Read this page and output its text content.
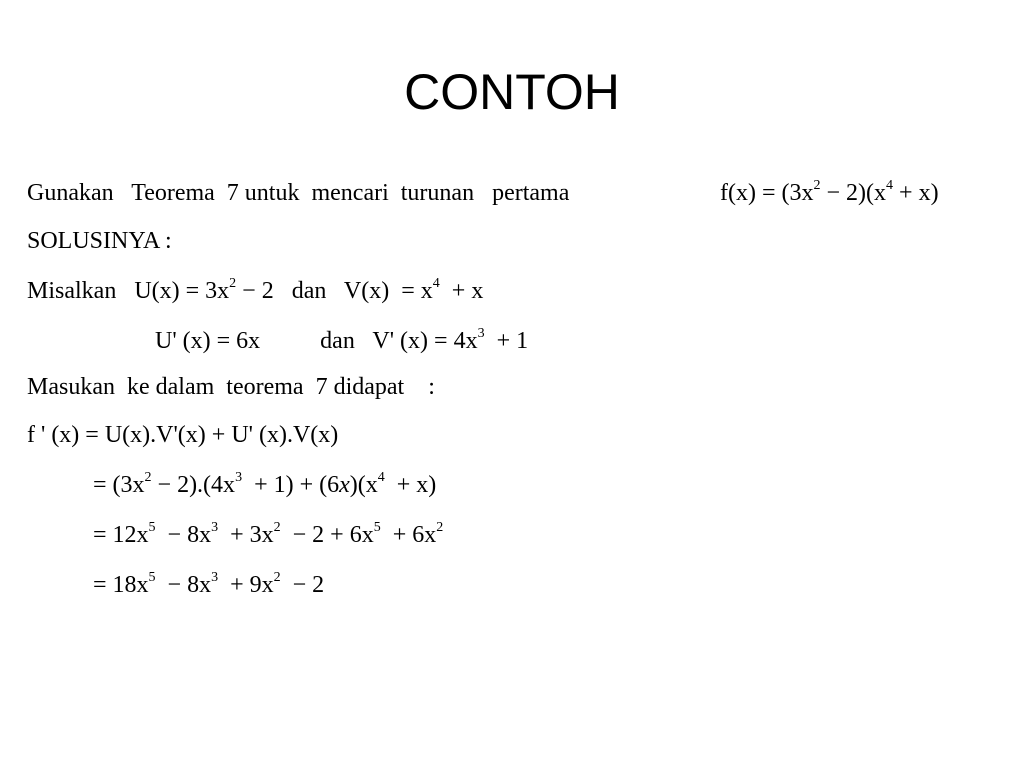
CONTOH
Gunakan   Teorema  7 untuk  mencari  turunan   pertama	$f(x) = (3x^2 - 2)(x^4 + x)$
SOLUSINYA :
Misalkan   $U(x) = 3x^2 - 2$   dan   $V(x) = x^4 + x$
U' (x) = 6x          dan   V' $(x) = 4x^3 + 1$
Masukan  ke dalam  teorema  7 didapat    :
f ' (x) = U(x).V'(x) + U' (x).V(x)
= $(3x^2 - 2).(4x^3 + 1) + (6x)(x^4 + x)$
= $12x^5 - 8x^3 + 3x^2 - 2 + 6x^5 + 6x^2$
= $18x^5 - 8x^3 + 9x^2 - 2$
